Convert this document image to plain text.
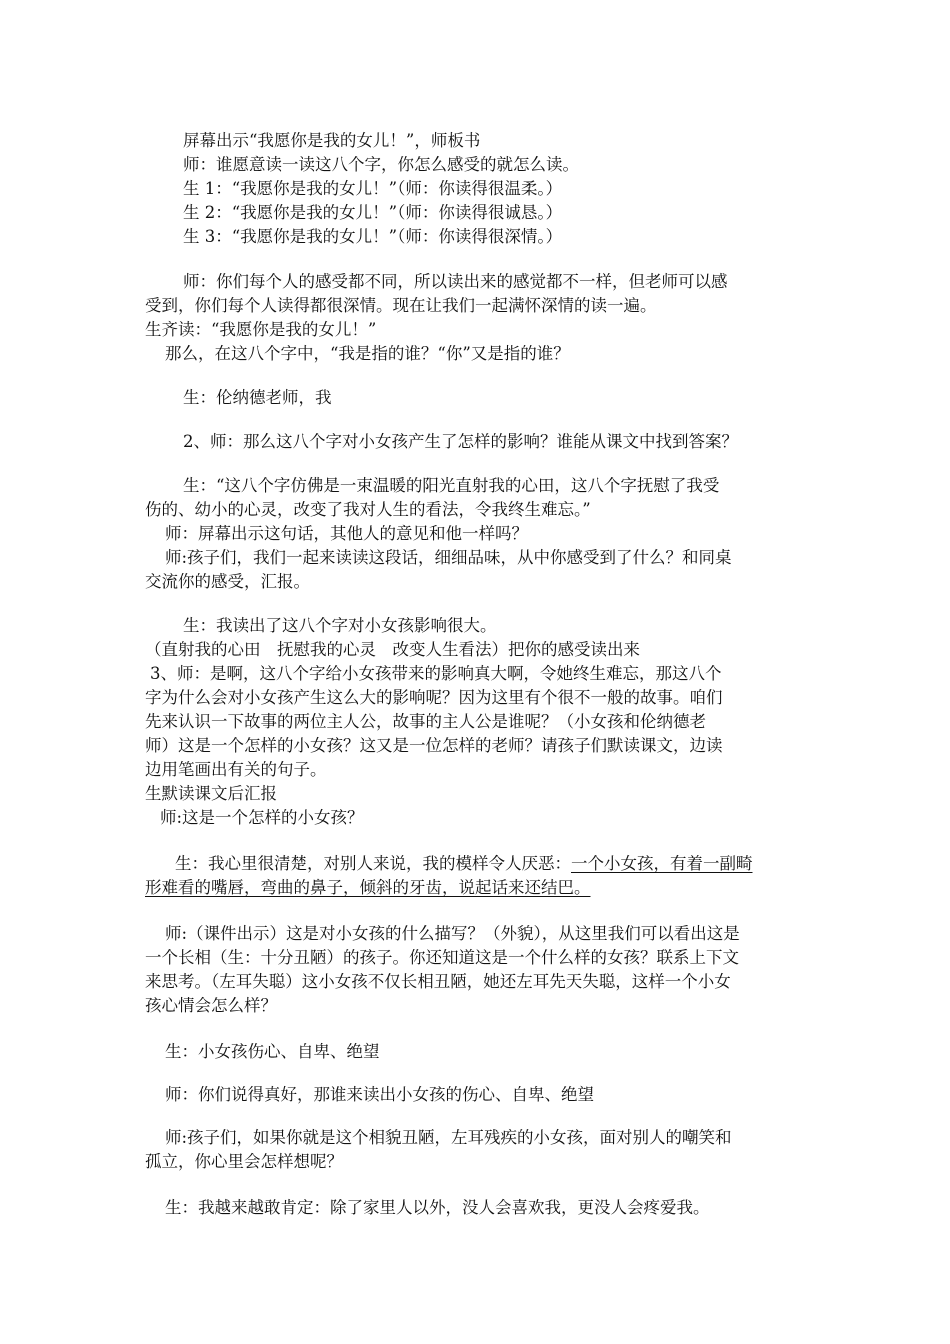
屏幕出示“我愿你是我的女儿！”，师板书
师：谁愿意读一读这八个字，你怎么感受的就怎么读。
生 1：“我愿你是我的女儿！”（师：你读得很温柔。）
生 2：“我愿你是我的女儿！”（师：你读得很诚恳。）
生 3：“我愿你是我的女儿！”（师：你读得很深情。）
师：你们每个人的感受都不同，所以读出来的感觉都不一样，但老师可以感
受到，你们每个人读得都很深情。现在让我们一起满怀深情的读一遍。
生齐读：“我愿你是我的女儿！”
那么，在这八个字中，“我是指的谁？“你”又是指的谁？
生：伦纳德老师，我
2、师：那么这八个字对小女孩产生了怎样的影响？谁能从课文中找到答案？
生：“这八个字仿佛是一束温暖的阳光直射我的心田，这八个字抚慰了我受
伤的、幼小的心灵，改变了我对人生的看法，令我终生难忘。”
师：屏幕出示这句话，其他人的意见和他一样吗？
师:孩子们，我们一起来读读这段话，细细品味，从中你感受到了什么？和同桌
交流你的感受，汇报。
生：我读出了这八个字对小女孩影响很大。
（直射我的心田　抚慰我的心灵　改变人生看法）把你的感受读出来
3、师：是啊，这八个字给小女孩带来的影响真大啊，令她终生难忘，那这八个
字为什么会对小女孩产生这么大的影响呢？因为这里有个很不一般的故事。咱们
先来认识一下故事的两位主人公，故事的主人公是谁呢？（小女孩和伦纳德老
师）这是一个怎样的小女孩？这又是一位怎样的老师？请孩子们默读课文，边读
边用笔画出有关的句子。
生默读课文后汇报
师:这是一个怎样的小女孩？
生：我心里很清楚，对别人来说，我的模样令人厌恶：一个小女孩，有着一副畸
形难看的嘴唇，弯曲的鼻子，倾斜的牙齿，说起话来还结巴。
师:（课件出示）这是对小女孩的什么描写？（外貌），从这里我们可以看出这是
一个长相（生：十分丑陋）的孩子。你还知道这是一个什么样的女孩？联系上下文
来思考。（左耳失聪）这小女孩不仅长相丑陋，她还左耳先天失聪，这样一个小女
孩心情会怎么样？
生：小女孩伤心、自卑、绝望
师：你们说得真好，那谁来读出小女孩的伤心、自卑、绝望
师:孩子们，如果你就是这个相貌丑陋，左耳残疾的小女孩，面对别人的嘲笑和
孤立，你心里会怎样想呢？
生：我越来越敢肯定：除了家里人以外，没人会喜欢我，更没人会疼爱我。
